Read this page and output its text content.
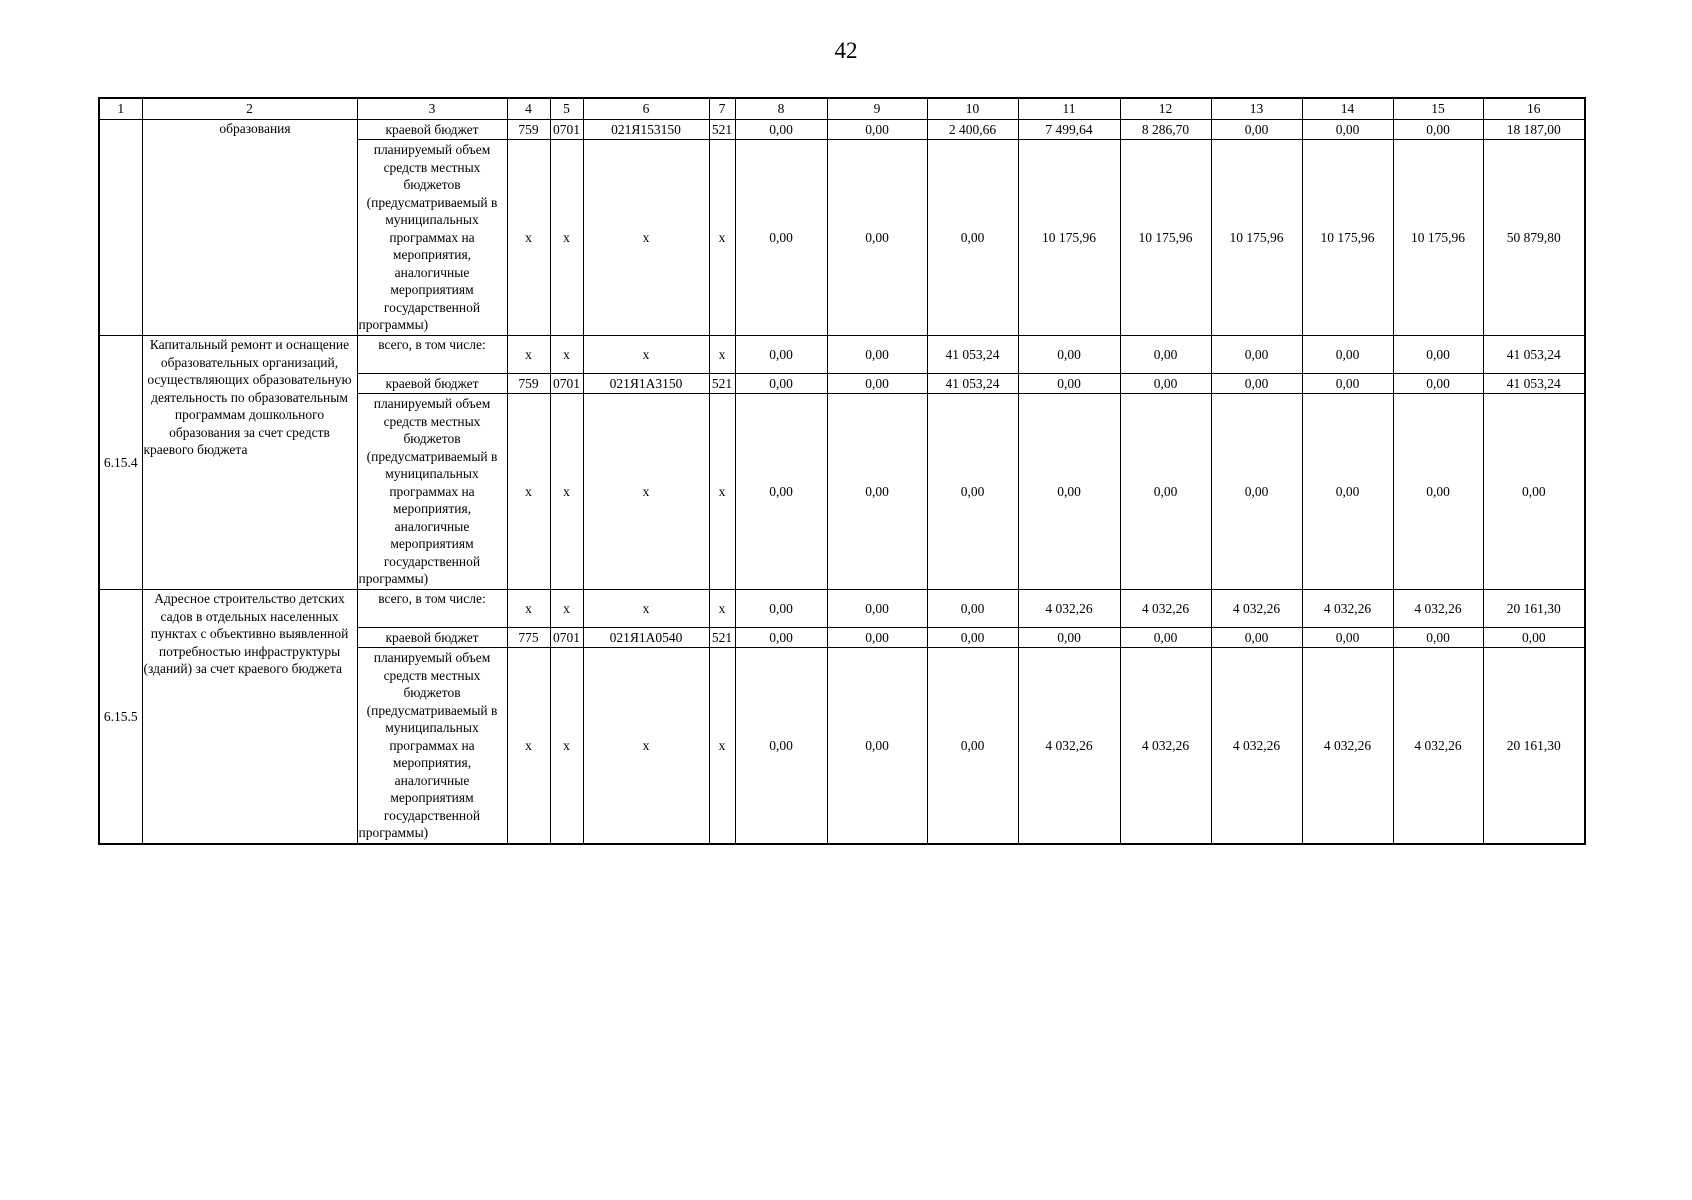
42
1	2	3	4	5	6	7	8	9	10	11	12	13	14	15	16
	образования	краевой бюджет	759	0701	021Я153150	521	0,00	0,00	2 400,66	7 499,64	8 286,70	0,00	0,00	0,00	18 187,00
		планируемый объем средств местных бюджетов (предусматриваемый в муниципальных программах на мероприятия, аналогичные мероприятиям государственной программы)	x	x	x	x	0,00	0,00	0,00	10 175,96	10 175,96	10 175,96	10 175,96	10 175,96	50 879,80
6.15.4	Капитальный ремонт и оснащение образовательных организаций, осуществляющих образовательную деятельность по образовательным программам дошкольного образования за счет средств краевого бюджета	всего, в том числе:	x	x	x	x	0,00	0,00	41 053,24	0,00	0,00	0,00	0,00	0,00	41 053,24
		краевой бюджет	759	0701	021Я1А3150	521	0,00	0,00	41 053,24	0,00	0,00	0,00	0,00	0,00	41 053,24
		планируемый объем средств местных бюджетов (предусматриваемый в муниципальных программах на мероприятия, аналогичные мероприятиям государственной программы)	x	x	x	x	0,00	0,00	0,00	0,00	0,00	0,00	0,00	0,00	0,00
6.15.5	Адресное строительство детских садов в отдельных населенных пунктах с объективно выявленной потребностью инфраструктуры (зданий) за счет краевого бюджета	всего, в том числе:	x	x	x	x	0,00	0,00	0,00	4 032,26	4 032,26	4 032,26	4 032,26	4 032,26	20 161,30
		краевой бюджет	775	0701	021Я1А0540	521	0,00	0,00	0,00	0,00	0,00	0,00	0,00	0,00	0,00
		планируемый объем средств местных бюджетов (предусматриваемый в муниципальных программах на мероприятия, аналогичные мероприятиям государственной программы)	x	x	x	x	0,00	0,00	0,00	4 032,26	4 032,26	4 032,26	4 032,26	4 032,26	20 161,30
